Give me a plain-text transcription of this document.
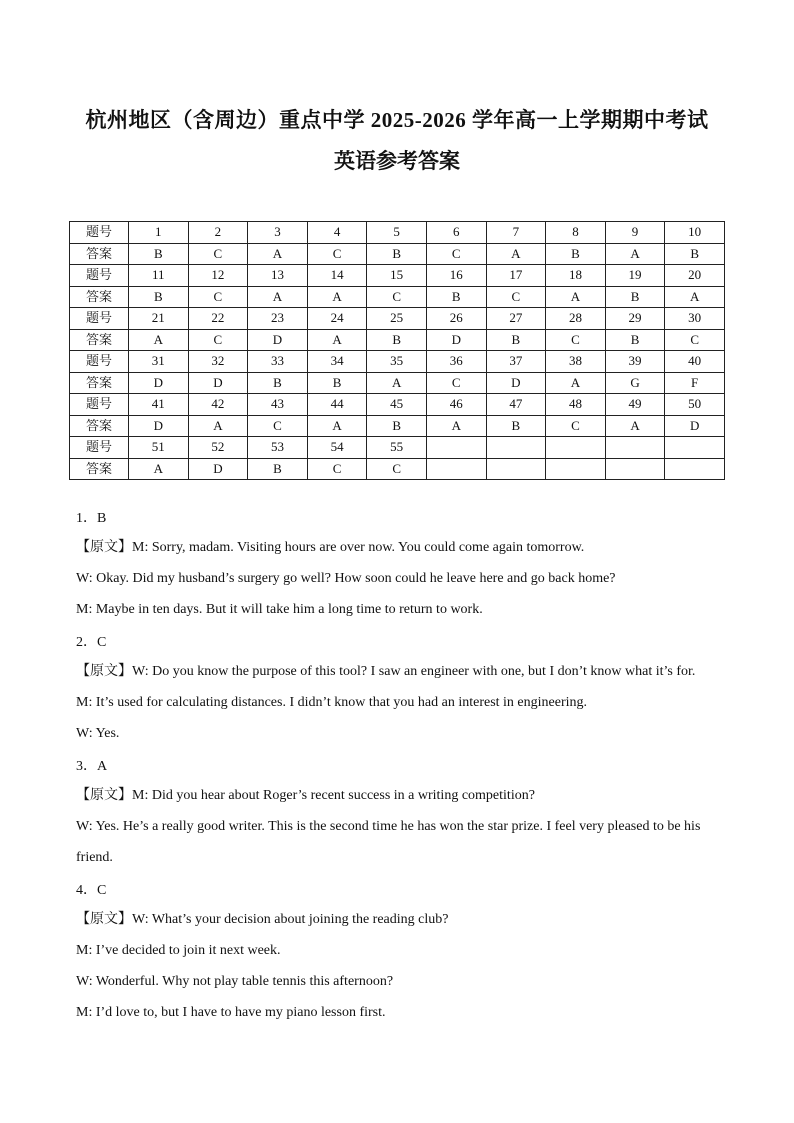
杭州地区（含周边）重点中学 2025-2026 学年高一上学期期中考试
英语参考答案
题号	1	2	3	4	5	6	7	8	9	10
答案	B	C	A	C	B	C	A	B	A	B
题号	11	12	13	14	15	16	17	18	19	20
答案	B	C	A	A	C	B	C	A	B	A
题号	21	22	23	24	25	26	27	28	29	30
答案	A	C	D	A	B	D	B	C	B	C
题号	31	32	33	34	35	36	37	38	39	40
答案	D	D	B	B	A	C	D	A	G	F
题号	41	42	43	44	45	46	47	48	49	50
答案	D	A	C	A	B	A	B	C	A	D
题号	51	52	53	54	55					
答案	A	D	B	C	C					
1．B
【原文】M: Sorry, madam. Visiting hours are over now. You could come again tomorrow.
W: Okay. Did my husband’s surgery go well? How soon could he leave here and go back home?
M: Maybe in ten days. But it will take him a long time to return to work.
2．C
【原文】W: Do you know the purpose of this tool? I saw an engineer with one, but I don’t know what it’s for.
M: It’s used for calculating distances. I didn’t know that you had an interest in engineering.
W: Yes.
3．A
【原文】M: Did you hear about Roger’s recent success in a writing competition?
W: Yes. He’s a really good writer. This is the second time he has won the star prize. I feel very pleased to be his
friend.
4．C
【原文】W: What’s your decision about joining the reading club?
M: I’ve decided to join it next week.
W: Wonderful. Why not play table tennis this afternoon?
M: I’d love to, but I have to have my piano lesson first.
